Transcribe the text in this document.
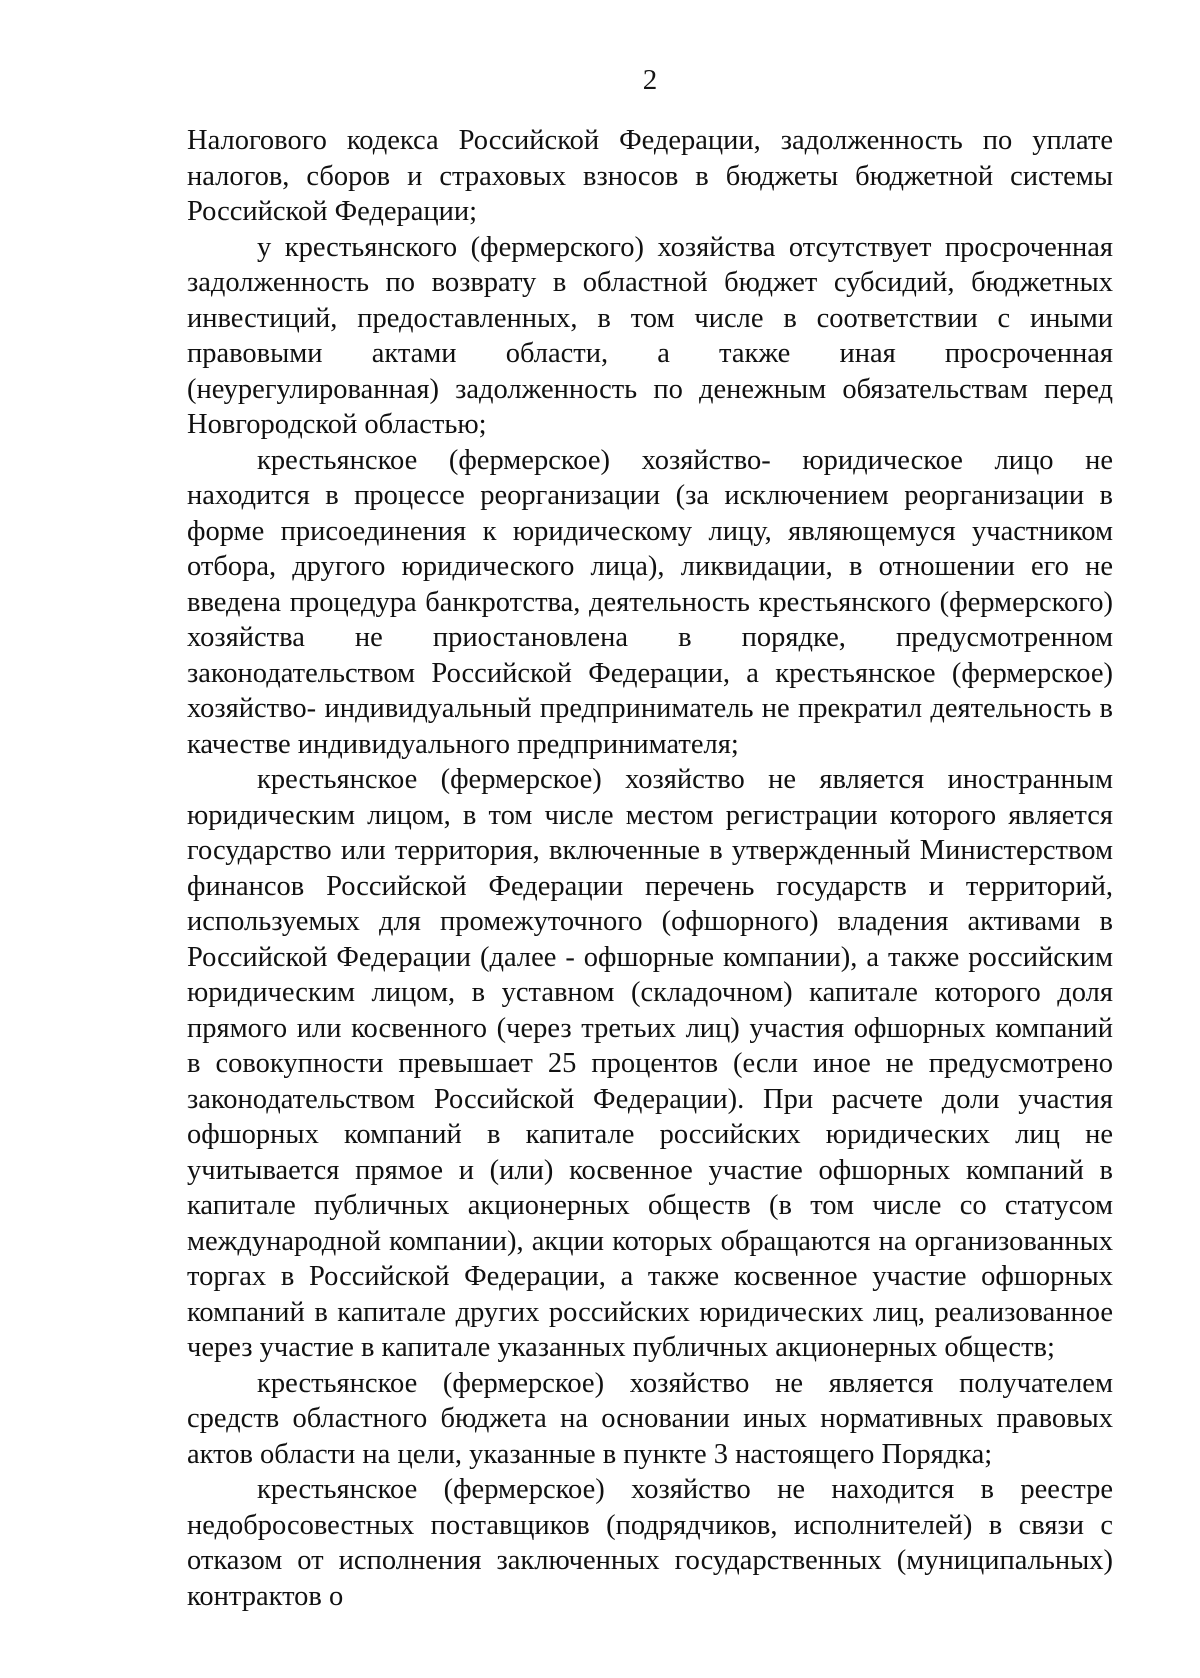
2

Налогового кодекса Российской Федерации, задолженность по уплате налогов, сборов и страховых взносов в бюджеты бюджетной системы Российской Федерации;

у крестьянского (фермерского) хозяйства отсутствует просроченная задолженность по возврату в областной бюджет субсидий, бюджетных инвестиций, предоставленных, в том числе в соответствии с иными правовыми актами области, а также иная просроченная (неурегулированная) задолженность по денежным обязательствам перед Новгородской областью;

крестьянское (фермерское) хозяйство- юридическое лицо не находится в процессе реорганизации (за исключением реорганизации в форме присоединения к юридическому лицу, являющемуся участником отбора, другого юридического лица), ликвидации, в отношении его не введена процедура банкротства, деятельность крестьянского (фермерского) хозяйства не приостановлена в порядке, предусмотренном законодательством Российской Федерации, а крестьянское (фермерское) хозяйство- индивидуальный предприниматель не прекратил деятельность в качестве индивидуального предпринимателя;

крестьянское (фермерское) хозяйство не является иностранным юридическим лицом, в том числе местом регистрации которого является государство или территория, включенные в утвержденный Министерством финансов Российской Федерации перечень государств и территорий, используемых для промежуточного (офшорного) владения активами в Российской Федерации (далее - офшорные компании), а также российским юридическим лицом, в уставном (складочном) капитале которого доля прямого или косвенного (через третьих лиц) участия офшорных компаний в совокупности превышает 25 процентов (если иное не предусмотрено законодательством Российской Федерации). При расчете доли участия офшорных компаний в капитале российских юридических лиц не учитывается прямое и (или) косвенное участие офшорных компаний в капитале публичных акционерных обществ (в том числе со статусом международной компании), акции которых обращаются на организованных торгах в Российской Федерации, а также косвенное участие офшорных компаний в капитале других российских юридических лиц, реализованное через участие в капитале указанных публичных акционерных обществ;

крестьянское (фермерское) хозяйство не является получателем средств областного бюджета на основании иных нормативных правовых актов области на цели, указанные в пункте 3 настоящего Порядка;

крестьянское (фермерское) хозяйство не находится в реестре недобросовестных поставщиков (подрядчиков, исполнителей) в связи с отказом от исполнения заключенных государственных (муниципальных) контрактов о
